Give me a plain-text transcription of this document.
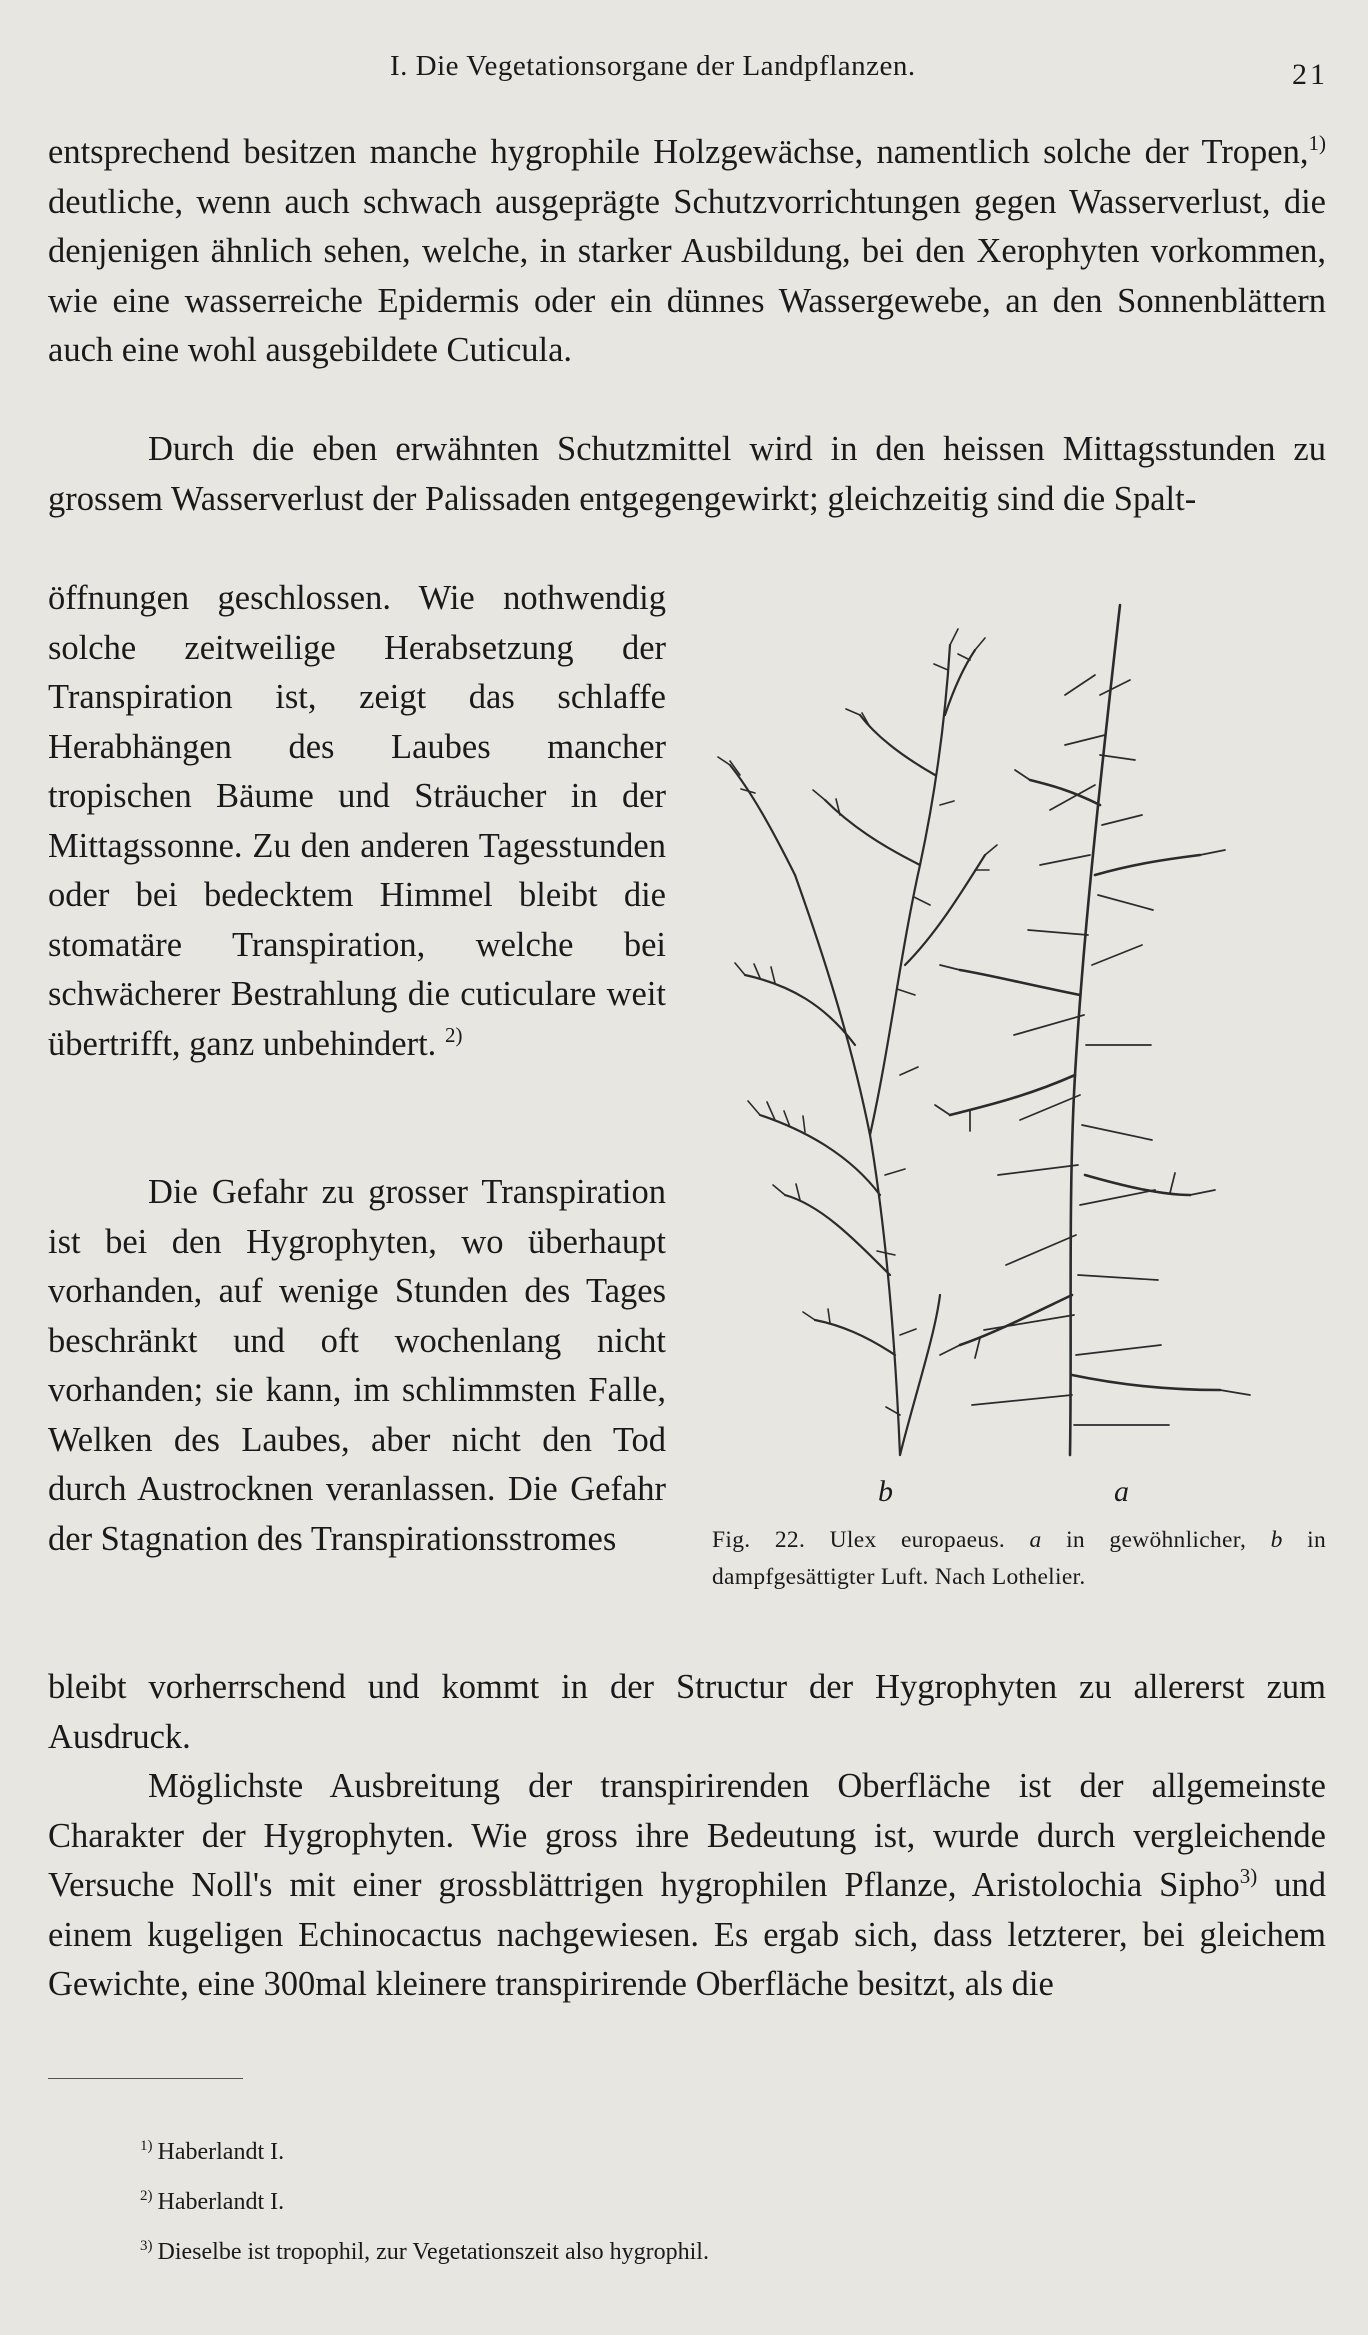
I. Die Vegetationsorgane der Landpflanzen.	21

entsprechend besitzen manche hygrophile Holzgewächse, namentlich solche der Tropen,$^{1)}$ deutliche, wenn auch schwach ausgeprägte Schutzvorrichtungen gegen Wasserverlust, die denjenigen ähnlich sehen, welche, in starker Ausbildung, bei den Xerophyten vorkommen, wie eine wasserreiche Epidermis oder ein dünnes Wassergewebe, an den Sonnenblättern auch eine wohl ausgebildete Cuticula.

Durch die eben erwähnten Schutzmittel wird in den heissen Mittagsstunden zu grossem Wasserverlust der Palissaden entgegengewirkt; gleichzeitig sind die Spalt-

öffnungen geschlossen. Wie nothwendig solche zeitweilige Herabsetzung der Transpiration ist, zeigt das schlaffe Herabhängen des Laubes mancher tropischen Bäume und Sträucher in der Mittagssonne. Zu den anderen Tagesstunden oder bei bedecktem Himmel bleibt die stomatäre Transpiration, welche bei schwächerer Bestrahlung die cuticulare weit übertrifft, ganz unbehindert. $^{2)}$

Die Gefahr zu grosser Transpiration ist bei den Hygrophyten, wo überhaupt vorhanden, auf wenige Stunden des Tages beschränkt und oft wochenlang nicht vorhanden; sie kann, im schlimmsten Falle, Welken des Laubes, aber nicht den Tod durch Austrocknen veranlassen. Die Gefahr der Stagnation des Transpirationsstromes

bleibt vorherrschend und kommt in der Structur der Hygrophyten zu allererst zum Ausdruck.

Möglichste Ausbreitung der transpirirenden Oberfläche ist der allgemeinste Charakter der Hygrophyten. Wie gross ihre Bedeutung ist, wurde durch vergleichende Versuche Noll's mit einer grossblättrigen hygrophilen Pflanze, Aristolochia Sipho$^{3)}$ und einem kugeligen Echinocactus nachgewiesen. Es ergab sich, dass letzterer, bei gleichem Gewichte, eine 300mal kleinere transpirirende Oberfläche besitzt, als die

b	a
Fig. 22. Ulex europaeus. a in gewöhnlicher, b in dampfgesättigter Luft. Nach Lothelier.
$^{1)}$ Haberlandt I.
$^{2)}$ Haberlandt I.
$^{3)}$ Dieselbe ist tropophil, zur Vegetationszeit also hygrophil.
